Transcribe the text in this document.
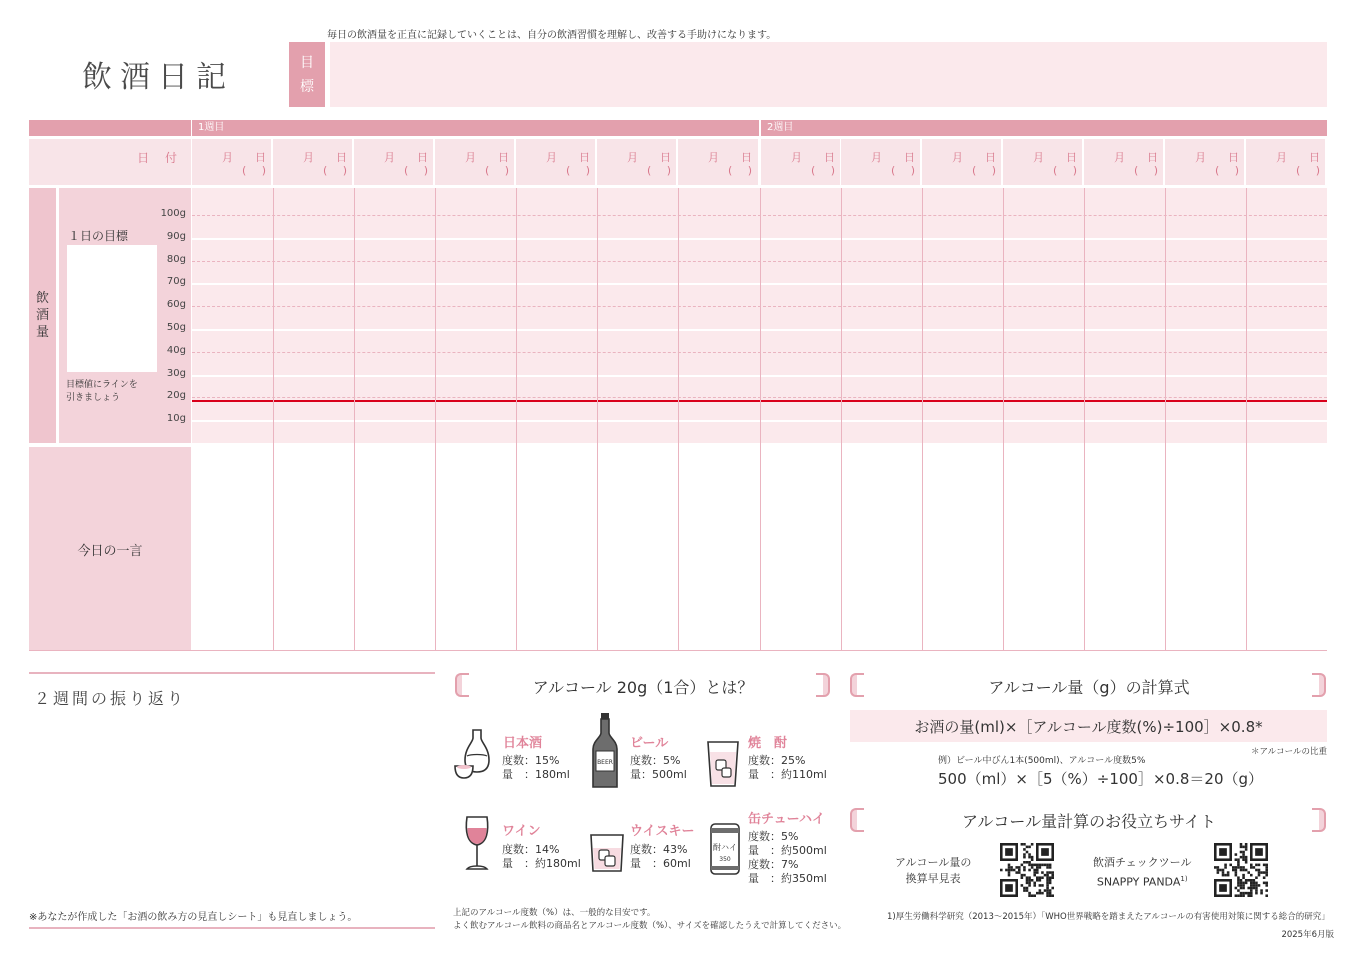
飲酒日記
毎日の飲酒量を正直に記録していくことは、自分の飲酒習慣を理解し、改善する手助けになります。
目
標
1週目	2週目
日 付	月 日
( )
月 日
( )
月 日
( )
月 日
( )
月 日
( )
月 日
( )
月 日
( )
月 日
( )
月 日
( )
月 日
( )
月 日
( )
月 日
( )
月 日
( )
月 日
( )
飲
酒
量
１日の目標
目標値にラインを
引きましょう
100g
90g
80g
70g
60g
50g
40g
30g
20g
10g
今日の一言
２週間の振り返り
※あなたが作成した「お酒の飲み方の見直しシート」も見直しましょう。
アルコール 20g（1合）とは？
日本酒
度数：15%
量　：180ml
BEER
ビール
度数：5%
量：500ml
焼　酎
度数：25%
量　：約110ml
ワイン
度数：14%
量　：約180ml
ウイスキー
度数：43%
量　：60ml
酎ハイ
350
缶チューハイ
度数：5%
量　：約500ml
度数：7%
量　：約350ml
上記のアルコール度数（%）は、一般的な目安です。
よく飲むアルコール飲料の商品名とアルコール度数（%）、サイズを確認したうえで計算してください。
アルコール量（g）の計算式
お酒の量(ml)×［アルコール度数(%)÷100］×0.8*
＊アルコールの比重
例）ビール中びん1本(500ml)、アルコール度数5%
500（ml）×［5（%）÷100］×0.8＝20（g）
アルコール量計算のお役立ちサイト
アルコール量の
換算早見表
飲酒チェックツール
SNAPPY PANDA$^{1)}$
1)厚生労働科学研究（2013～2015年）「WHO世界戦略を踏まえたアルコールの有害使用対策に関する総合的研究」
2025年6月版
